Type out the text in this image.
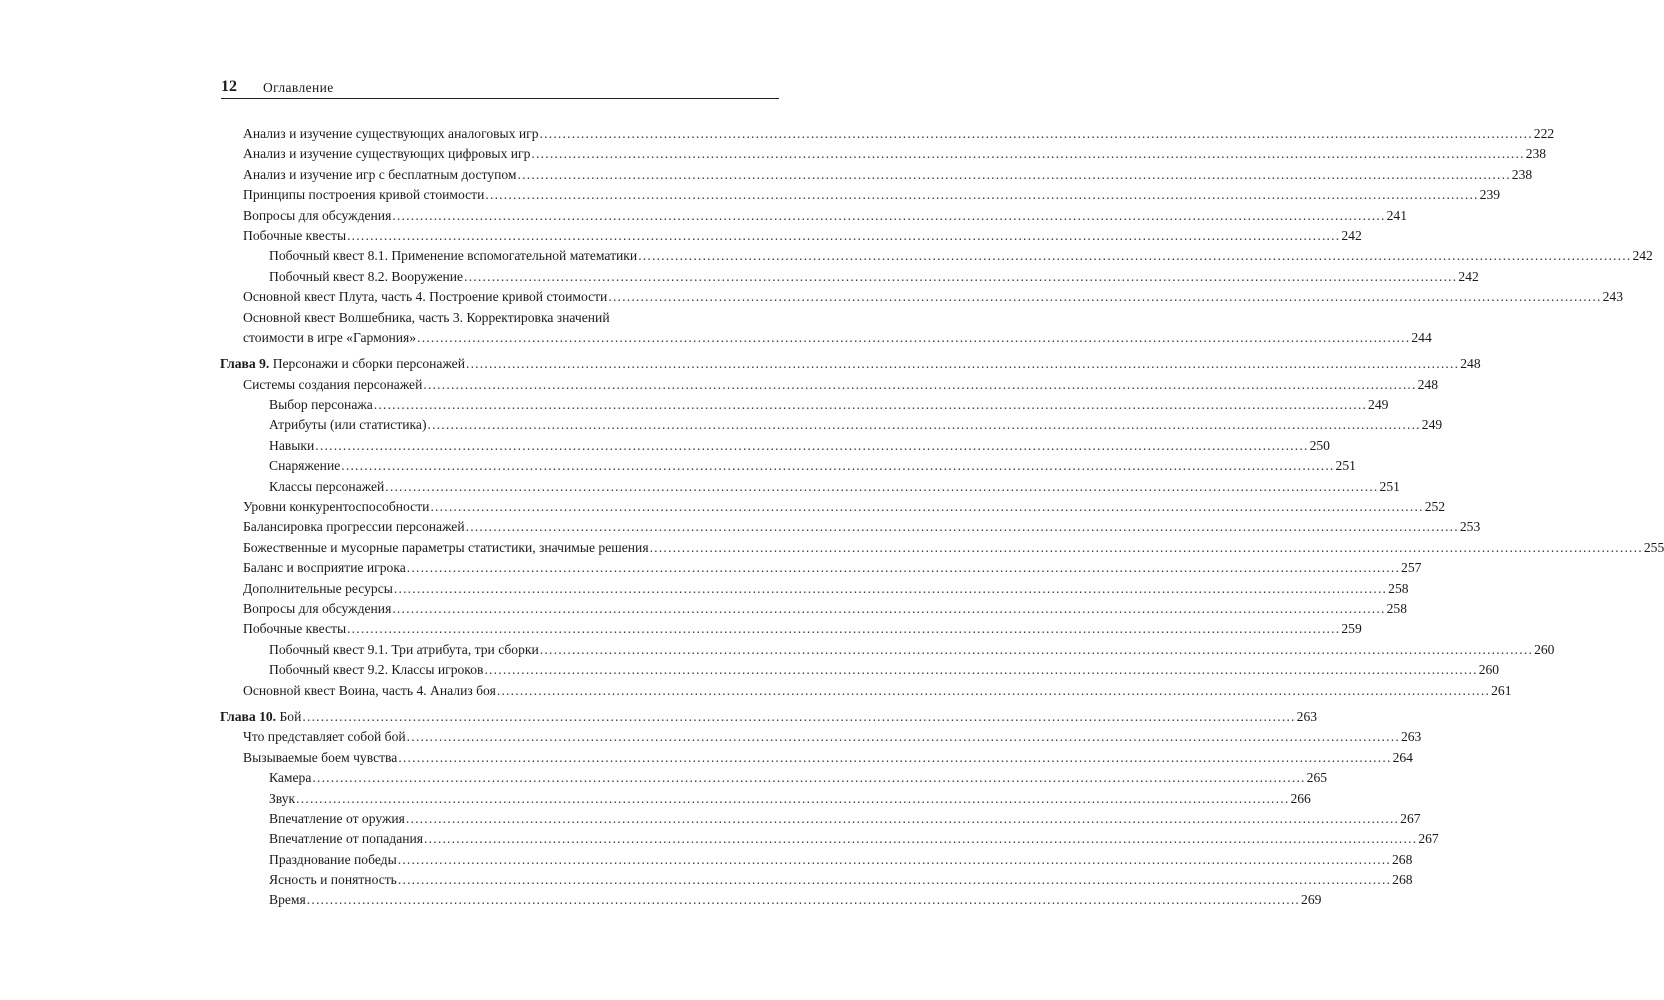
12 Оглавление
Анализ и изучение существующих аналоговых игр .....	222
Анализ и изучение существующих цифровых игр .....	238
Анализ и изучение игр с бесплатным доступом .....	238
Принципы построения кривой стоимости .....	239
Вопросы для обсуждения .....	241
Побочные квесты .....	242
Побочный квест 8.1. Применение вспомогательной математики .....	242
Побочный квест 8.2. Вооружение .....	242
Основной квест Плута, часть 4. Построение кривой стоимости .....	243
Основной квест Волшебника, часть 3. Корректировка значений
стоимости в игре «Гармония» .....	244
Глава 9. Персонажи и сборки персонажей .....	248
Системы создания персонажей .....	248
Выбор персонажа .....	249
Атрибуты (или статистика) .....	249
Навыки .....	250
Снаряжение .....	251
Классы персонажей .....	251
Уровни конкурентоспособности .....	252
Балансировка прогрессии персонажей .....	253
Божественные и мусорные параметры статистики, значимые решения .....	255
Баланс и восприятие игрока .....	257
Дополнительные ресурсы .....	258
Вопросы для обсуждения .....	258
Побочные квесты .....	259
Побочный квест 9.1. Три атрибута, три сборки .....	260
Побочный квест 9.2. Классы игроков .....	260
Основной квест Воина, часть 4. Анализ боя .....	261
Глава 10. Бой .....	263
Что представляет собой бой .....	263
Вызываемые боем чувства .....	264
Камера .....	265
Звук .....	266
Впечатление от оружия .....	267
Впечатление от попадания .....	267
Празднование победы .....	268
Ясность и понятность .....	268
Время .....	269
